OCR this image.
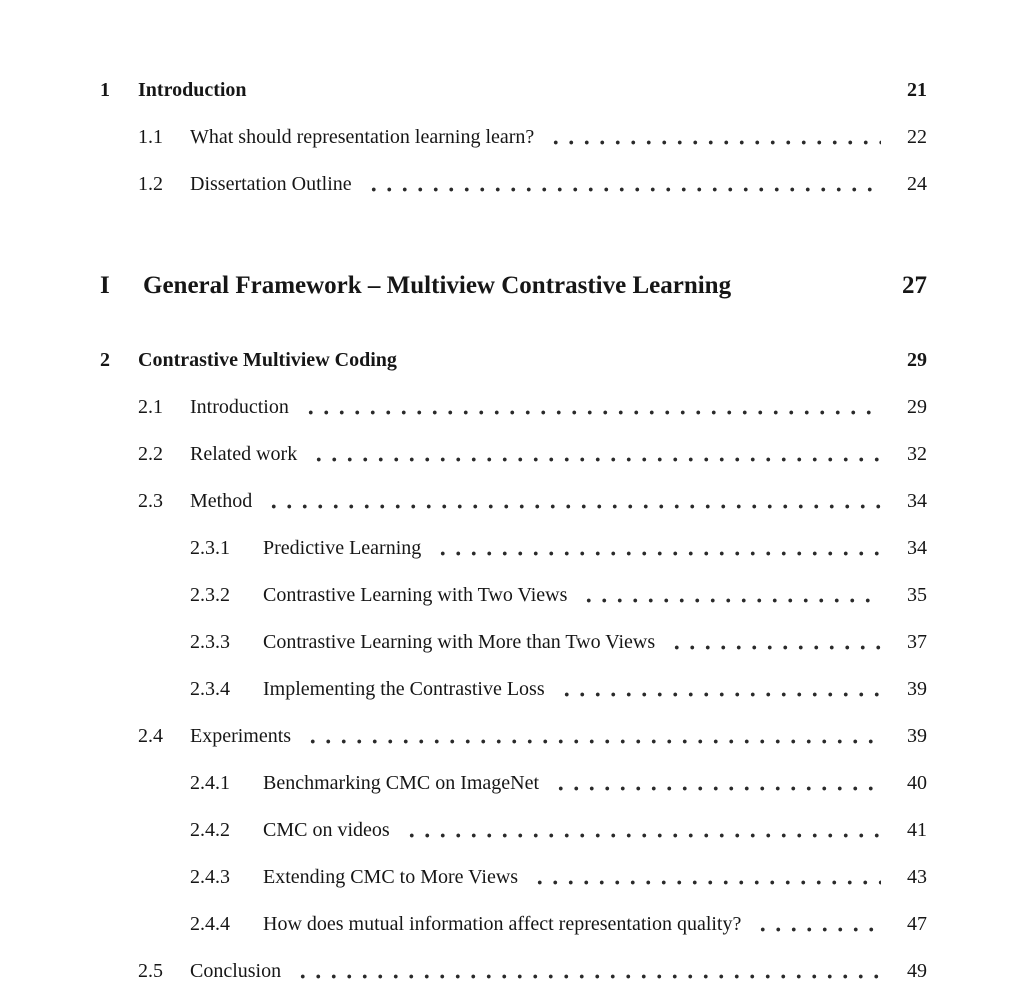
1	Introduction	21
1.1	What should representation learning learn?	22
1.2	Dissertation Outline	24
I	General Framework – Multiview Contrastive Learning	27
2	Contrastive Multiview Coding	29
2.1	Introduction	29
2.2	Related work	32
2.3	Method	34
2.3.1	Predictive Learning	34
2.3.2	Contrastive Learning with Two Views	35
2.3.3	Contrastive Learning with More than Two Views	37
2.3.4	Implementing the Contrastive Loss	39
2.4	Experiments	39
2.4.1	Benchmarking CMC on ImageNet	40
2.4.2	CMC on videos	41
2.4.3	Extending CMC to More Views	43
2.4.4	How does mutual information affect representation quality?	47
2.5	Conclusion	49
